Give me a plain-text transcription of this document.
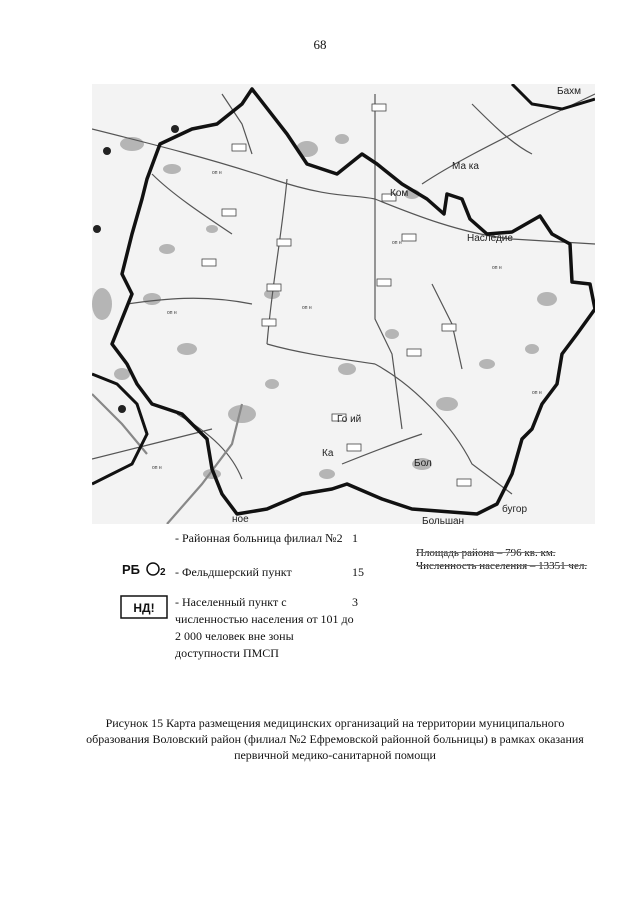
68
оп н
оп н
оп н
оп н
оп н
оп н
оп н
Бахм
Ма ка
Ком
Наследие
Го ий
Ка
Бол
Большан
бугор
ное
- Районная больница филиал №2 1
РБ 2 - Фельдшерский пункт	15
НД! - Населенный пункт с численностью населения от 101 до 2 000 человек вне зоны доступности ПМСП
3
Площадь района – 796 кв. км.
Численность населения – 13351 чел.
Рисунок 15 Карта размещения медицинских организаций на территории муниципального образования Воловский район (филиал №2 Ефремовской районной больницы) в рамках оказания первичной медико-санитарной помощи
